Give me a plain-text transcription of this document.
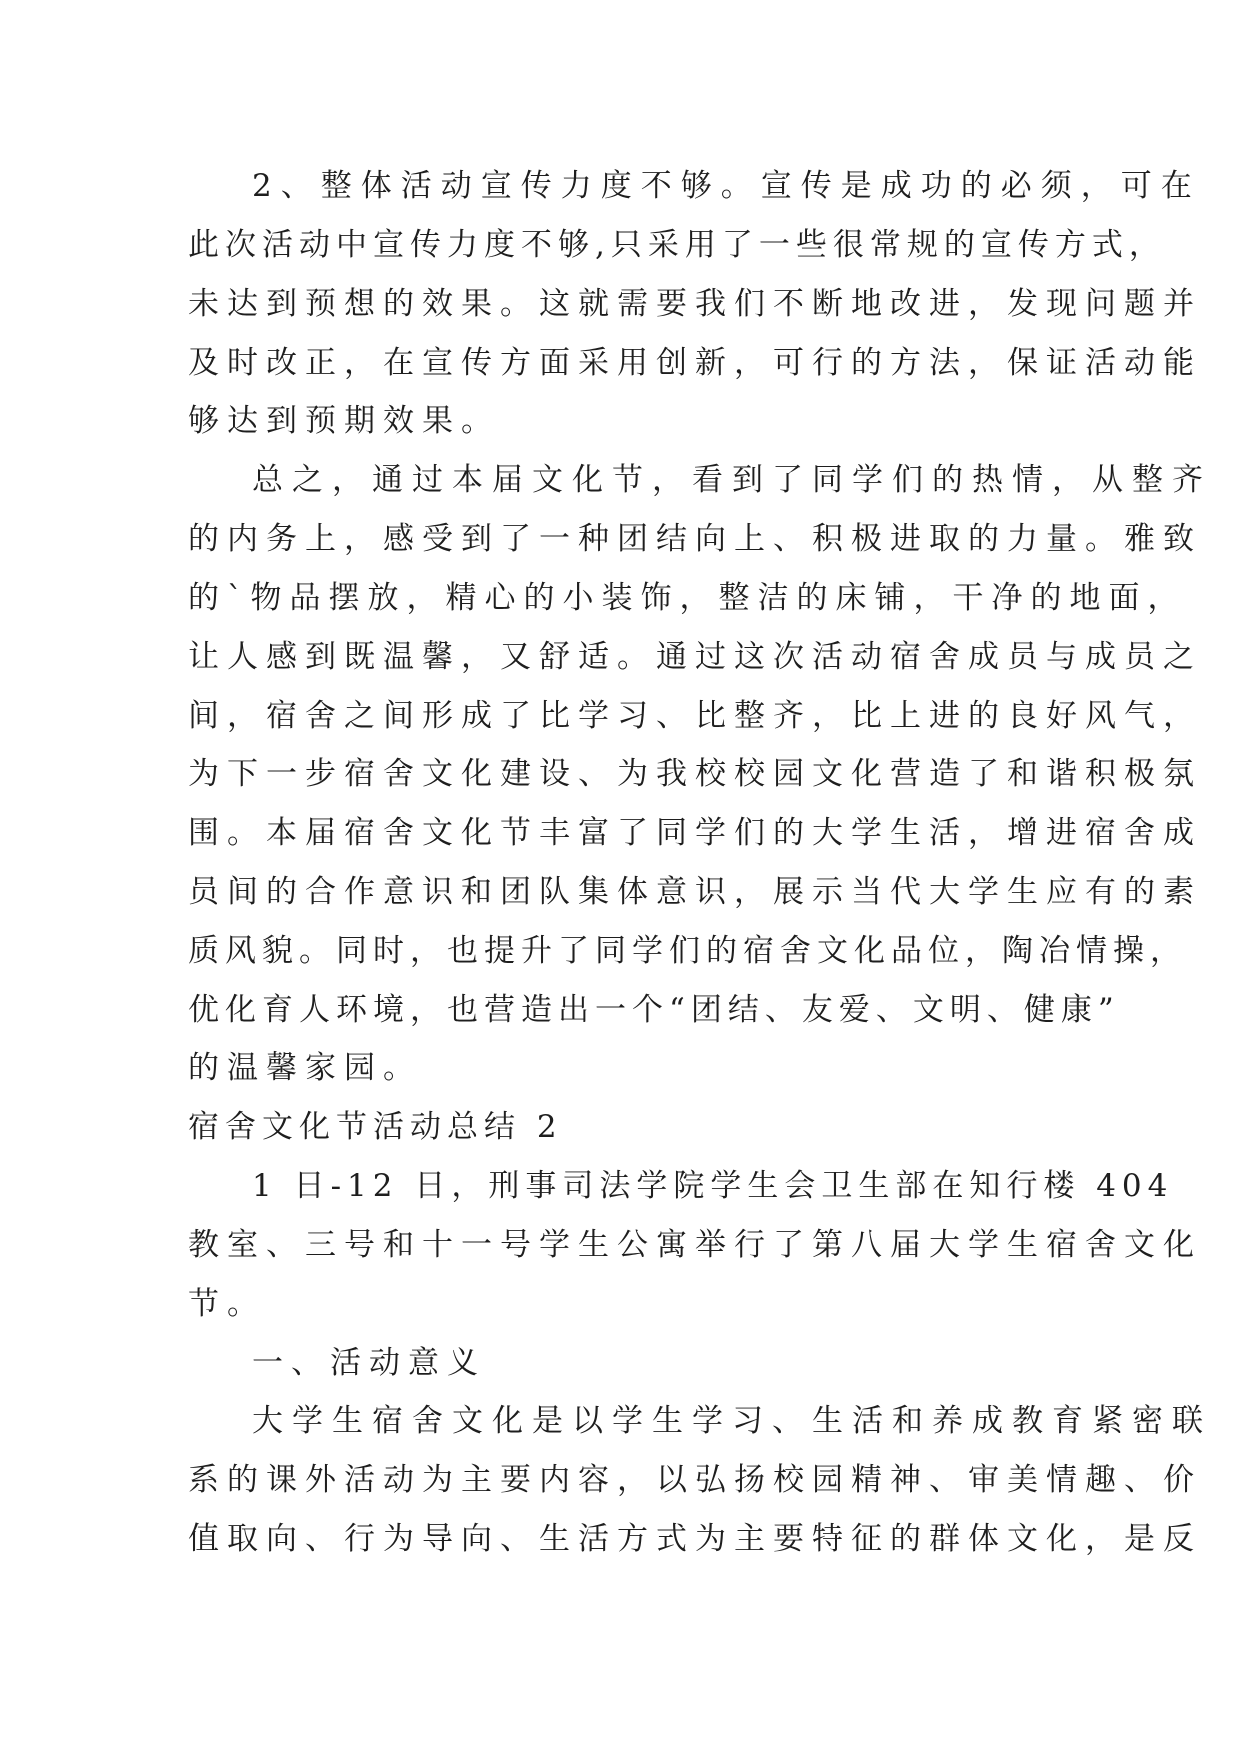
2、整体活动宣传力度不够。宣传是成功的必须，可在

此次活动中宣传力度不够,只采用了一些很常规的宣传方式，

未达到预想的效果。这就需要我们不断地改进，发现问题并

及时改正，在宣传方面采用创新，可行的方法，保证活动能

够达到预期效果。

总之，通过本届文化节，看到了同学们的热情，从整齐

的内务上，感受到了一种团结向上、积极进取的力量。雅致

的`物品摆放，精心的小装饰，整洁的床铺，干净的地面，

让人感到既温馨，又舒适。通过这次活动宿舍成员与成员之

间，宿舍之间形成了比学习、比整齐，比上进的良好风气，

为下一步宿舍文化建设、为我校校园文化营造了和谐积极氛

围。本届宿舍文化节丰富了同学们的大学生活，增进宿舍成

员间的合作意识和团队集体意识，展示当代大学生应有的素

质风貌。同时，也提升了同学们的宿舍文化品位，陶冶情操，

优化育人环境，也营造出一个“团结、友爱、文明、健康”

的温馨家园。

宿舍文化节活动总结 2

1 日-12 日，刑事司法学院学生会卫生部在知行楼 404

教室、三号和十一号学生公寓举行了第八届大学生宿舍文化

节。

一、活动意义

大学生宿舍文化是以学生学习、生活和养成教育紧密联

系的课外活动为主要内容，以弘扬校园精神、审美情趣、价

值取向、行为导向、生活方式为主要特征的群体文化，是反
